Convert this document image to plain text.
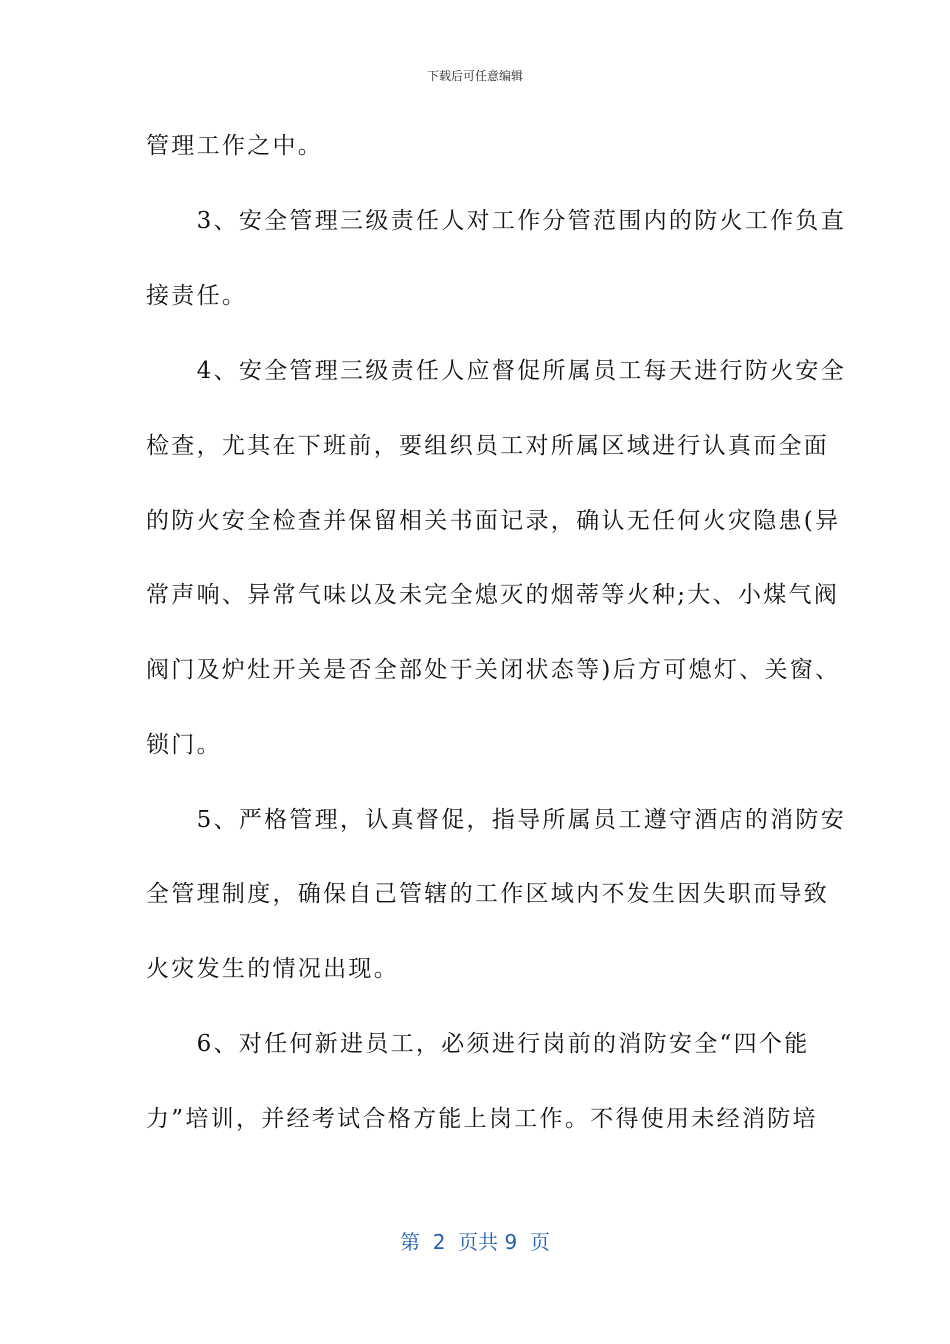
下载后可任意编辑
管理工作之中。
　　3、安全管理三级责任人对工作分管范围内的防火工作负直
接责任。
　　4、安全管理三级责任人应督促所属员工每天进行防火安全
检查，尤其在下班前，要组织员工对所属区域进行认真而全面
的防火安全检查并保留相关书面记录，确认无任何火灾隐患(异
常声响、异常气味以及未完全熄灭的烟蒂等火种;大、小煤气阀
阀门及炉灶开关是否全部处于关闭状态等)后方可熄灯、关窗、
锁门。
　　5、严格管理，认真督促，指导所属员工遵守酒店的消防安
全管理制度，确保自己管辖的工作区域内不发生因失职而导致
火灾发生的情况出现。
　　6、对任何新进员工，必须进行岗前的消防安全“四个能
力”培训，并经考试合格方能上岗工作。不得使用未经消防培
第  2  页共 9  页
